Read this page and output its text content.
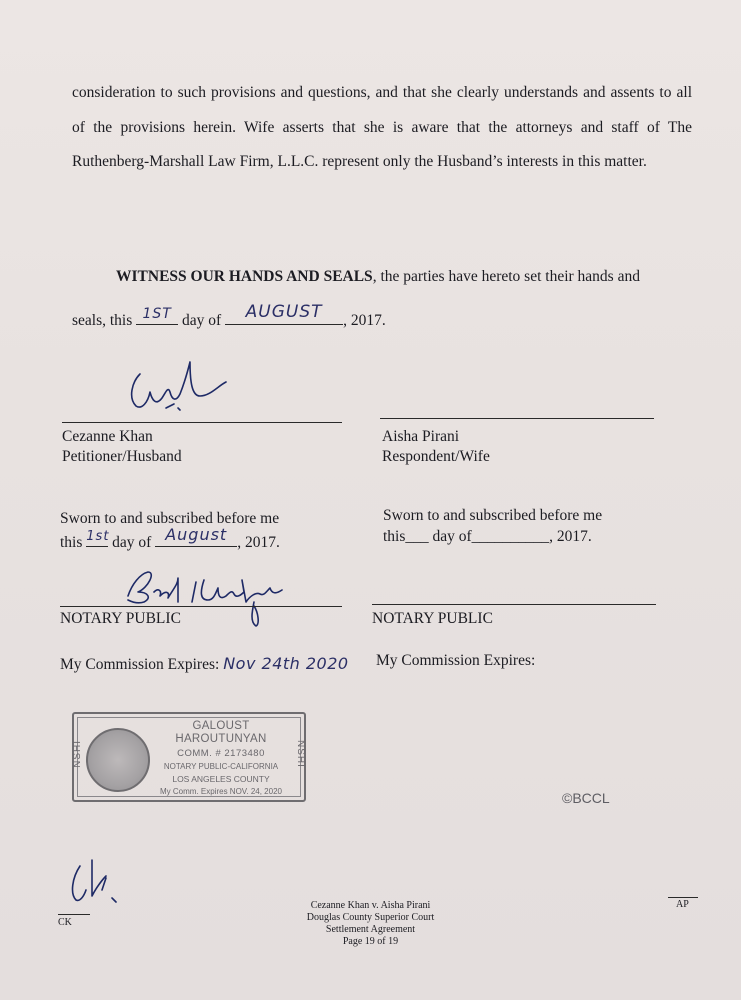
consideration to such provisions and questions, and that she clearly understands and assents to all
of the provisions herein. Wife asserts that she is aware that the attorneys and staff of The
Ruthenberg-Marshall Law Firm, L.L.C. represent only the Husband’s interests in this matter.
WITNESS OUR HANDS AND SEALS, the parties have hereto set their hands and
seals, this 1ST day of	AUGUST	, 2017.
Cezanne Khan
Petitioner/Husband
Aisha Pirani
Respondent/Wife
Sworn to and subscribed before me
this 1st day of August , 2017.
NOTARY PUBLIC
My Commission Expires: Nov 24th 2020
Sworn to and subscribed before me
this___ day of__________, 2017.
NOTARY PUBLIC
My Commission Expires:
NSHI	NSHI
GALOUST HAROUTUNYAN
COMM. # 2173480
NOTARY PUBLIC-CALIFORNIA
LOS ANGELES COUNTY
My Comm. Expires NOV. 24, 2020	©BCCL
CK
AP
Cezanne Khan v. Aisha Pirani
Douglas County Superior Court
Settlement Agreement
Page 19 of 19
